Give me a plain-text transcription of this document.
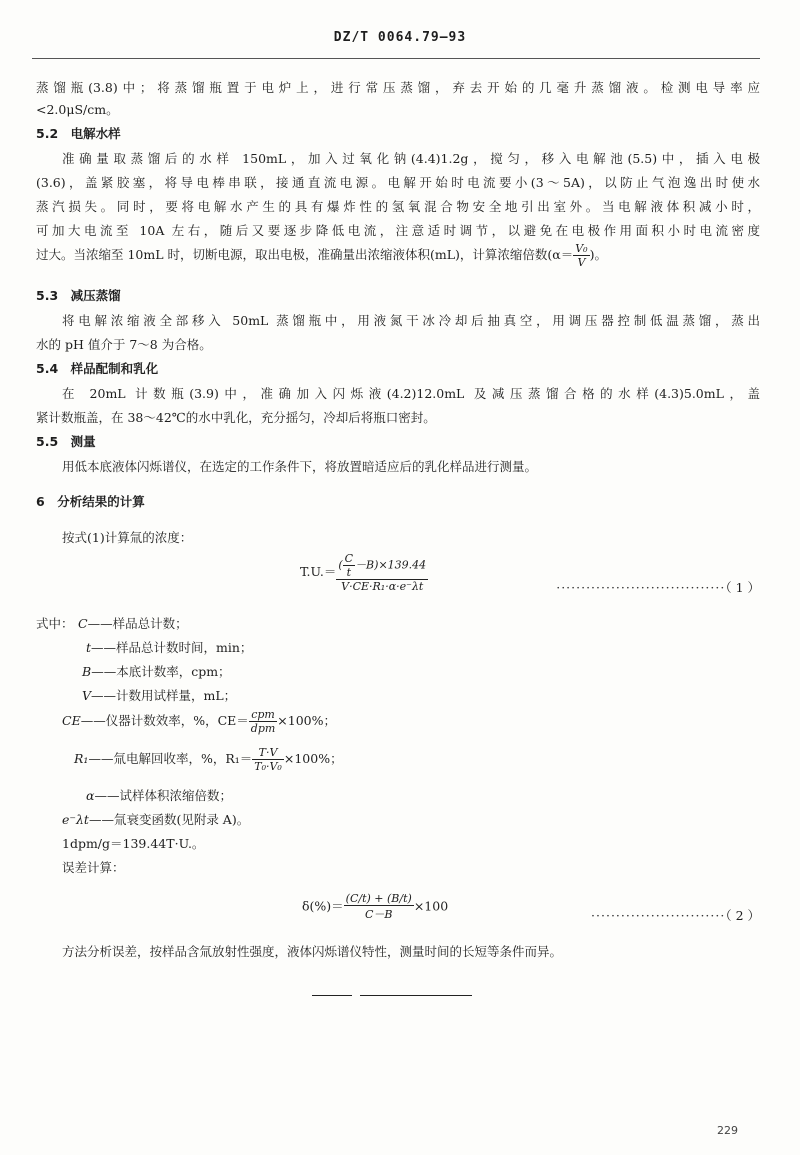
DZ/T 0064.79—93
蒸馏瓶(3.8)中；将蒸馏瓶置于电炉上，进行常压蒸馏，弃去开始的几毫升蒸馏液。检测电导率应
<2.0μS/cm。
5.2　电解水样
准确量取蒸馏后的水样 150mL，加入过氧化钠(4.4)1.2g，搅匀，移入电解池(5.5)中，插入电极
(3.6)，盖紧胶塞，将导电棒串联，接通直流电源。电解开始时电流要小(3～5A)，以防止气泡逸出时使水
蒸汽损失。同时，要将电解水产生的具有爆炸性的氢氧混合物安全地引出室外。当电解液体积减小时，
可加大电流至 10A 左右，随后又要逐步降低电流，注意适时调节，以避免在电极作用面积小时电流密度
过大。当浓缩至 10mL 时，切断电源，取出电极，准确量出浓缩液体积(mL)，计算浓缩倍数($\alpha= \frac{\text{V₀}}{V}$ )。
5.3　减压蒸馏
将电解浓缩液全部移入 50mL 蒸馏瓶中，用液氮干冰冷却后抽真空，用调压器控制低温蒸馏，蒸出
水的 pH 值介于 7～8 为合格。
5.4　样品配制和乳化
在 20mL 计数瓶(3.9)中，准确加入闪烁液(4.2)12.0mL 及减压蒸馏合格的水样(4.3)5.0mL，盖
紧计数瓶盖，在 38～42℃的水中乳化，充分摇匀，冷却后将瓶口密封。
5.5　测量
用低本底液体闪烁谱仪，在选定的工作条件下，将放置暗适应后的乳化样品进行测量。
6　分析结果的计算
按式(1)计算氚的浓度：
$T.U.= \frac{( \frac{C}{t} -B)\times 139.44}{\text{V·CE·R₁·α·e⁻λt}}$	··································（ 1 ）
式中： C——样品总计数；
t——样品总计数时间，min；
B——本底计数率，cpm；
V——计数用试样量，mL；
CE——仪器计数效率，%，$CE= \frac{\text{cpm}}{\text{dpm}} \times 100\%$；
R₁——氚电解回收率，%，$R_1= \frac{T\cdot V}{\text{T₀·V₀}} \times 100\%$；
α——试样体积浓缩倍数；
e⁻λt——氚衰变函数(见附录 A)。
1dpm/g＝139.44T·U.。
误差计算：
$\delta(\%)= \frac{(C/t) + (B/t)}{C-B} \times 100$
···························（ 2 ）
方法分析误差，按样品含氚放射性强度，液体闪烁谱仪特性，测量时间的长短等条件而异。
229
